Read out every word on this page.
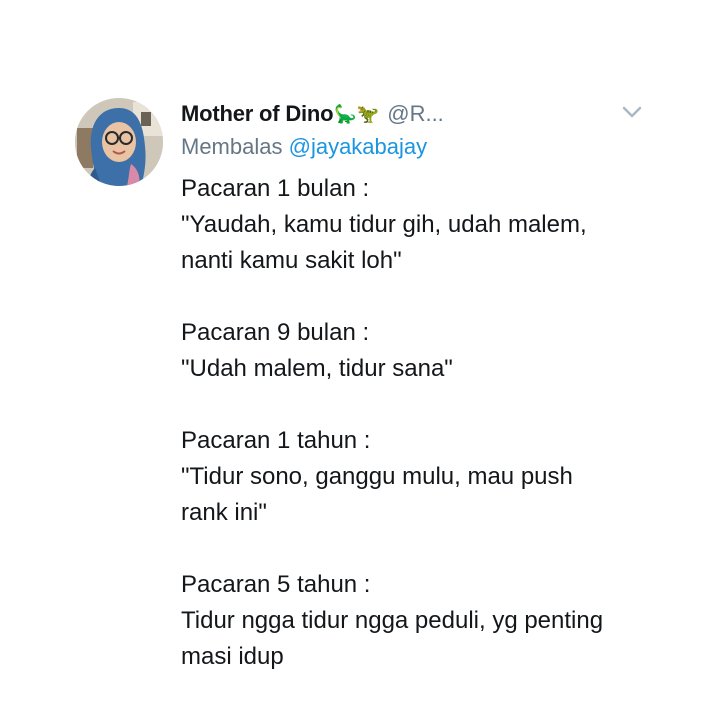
Mother of Dino 🦕🦖 @R...
Membalas @jayakabajay

Pacaran 1 bulan :
"Yaudah, kamu tidur gih, udah malem,
nanti kamu sakit loh"

Pacaran 9 bulan :
"Udah malem, tidur sana"

Pacaran 1 tahun :
"Tidur sono, ganggu mulu, mau push
rank ini"

Pacaran 5 tahun :
Tidur ngga tidur ngga peduli, yg penting
masi idup
